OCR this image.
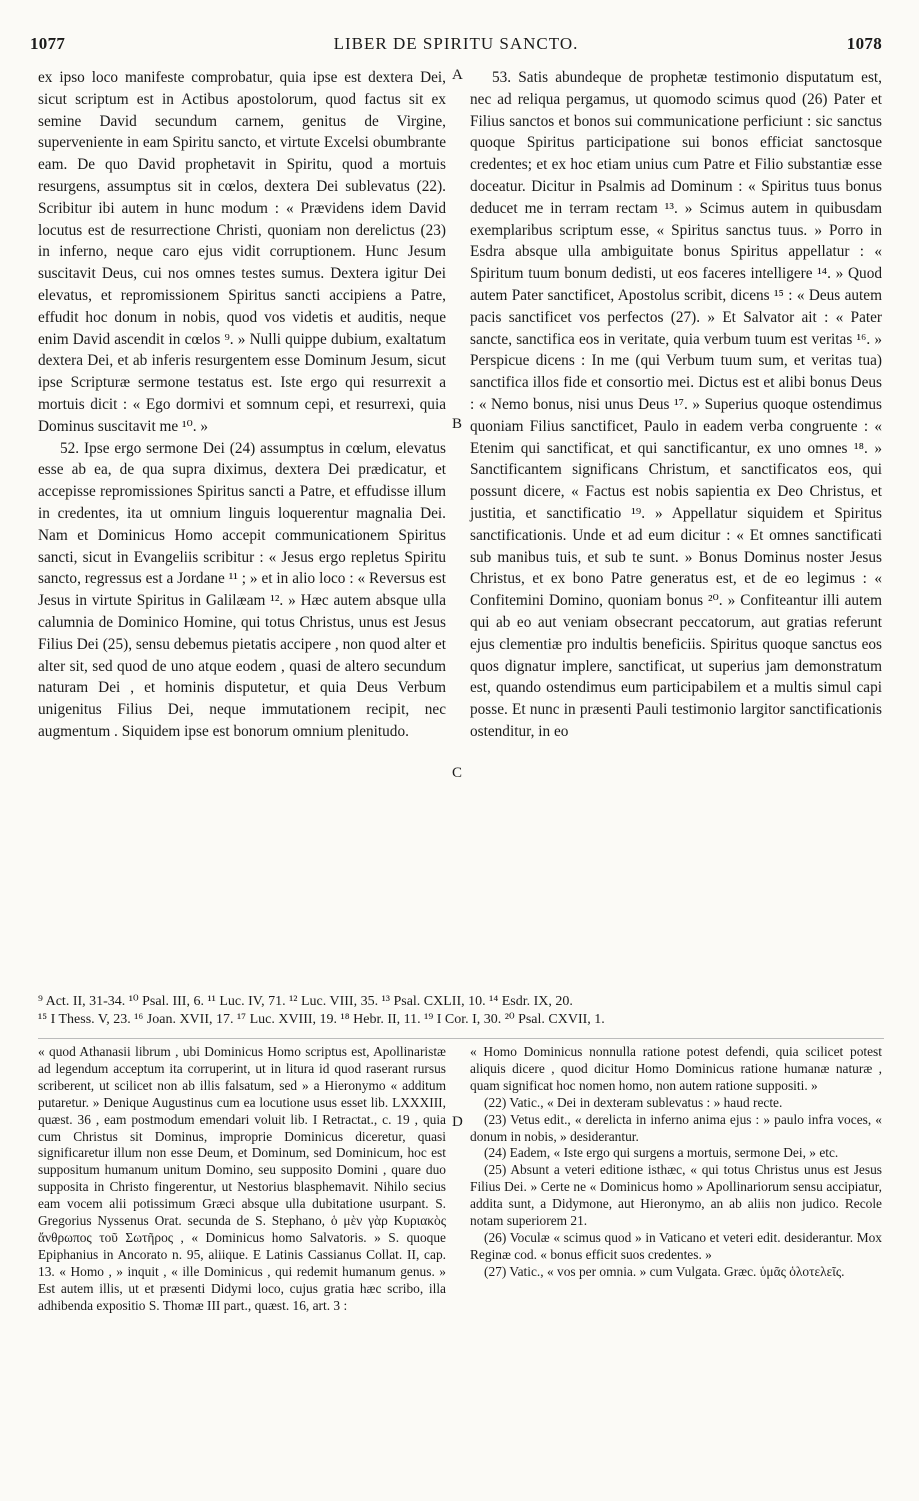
LIBER DE SPIRITU SANCTO.
1077	1078

ex ipso loco manifeste comprobatur, quia ipse est dextera Dei, sicut scriptum est in Actibus apostolorum, quod factus sit ex semine David secundum carnem, genitus de Virgine, superveniente in eam Spiritu sancto, et virtute Excelsi obumbrante eam. De quo David prophetavit in Spiritu, quod a mortuis resurgens, assumptus sit in cœlos, dextera Dei sublevatus (22). Scribitur ibi autem in hunc modum : « Prævidens idem David locutus est de resurrectione Christi, quoniam non derelictus (23) in inferno, neque caro ejus vidit corruptionem. Hunc Jesum suscitavit Deus, cui nos omnes testes sumus. Dextera igitur Dei elevatus, et repromissionem Spiritus sancti accipiens a Patre, effudit hoc donum in nobis, quod vos videtis et auditis, neque enim David ascendit in cœlos ⁹. » Nulli quippe dubium, exaltatum dextera Dei, et ab inferis resurgentem esse Dominum Jesum, sicut ipse Scripturæ sermone testatus est. Iste ergo qui resurrexit a mortuis dicit : « Ego dormivi et somnum cepi, et resurrexi, quia Dominus suscitavit me ¹⁰. »

52. Ipse ergo sermone Dei (24) assumptus in cœlum, elevatus esse ab ea, de qua supra diximus, dextera Dei prædicatur, et accepisse repromissiones Spiritus sancti a Patre, et effudisse illum in credentes, ita ut omnium linguis loquerentur magnalia Dei. Nam et Dominicus Homo accepit communicationem Spiritus sancti, sicut in Evangeliis scribitur : « Jesus ergo repletus Spiritu sancto, regressus est a Jordane ¹¹ ; » et in alio loco : « Reversus est Jesus in virtute Spiritus in Galilæam ¹². » Hæc autem absque ulla calumnia de Dominico Homine, qui totus Christus, unus est Jesus Filius Dei (25), sensu debemus pietatis accipere , non quod alter et alter sit, sed quod de uno atque eodem , quasi de altero secundum naturam Dei , et hominis disputetur, et quia Deus Verbum unigenitus Filius Dei, neque immutationem recipit, nec augmentum . Siquidem ipse est bonorum omnium plenitudo.

53. Satis abundeque de prophetæ testimonio disputatum est, nec ad reliqua pergamus, ut quomodo scimus quod (26) Pater et Filius sanctos et bonos sui communicatione perficiunt : sic sanctus quoque Spiritus participatione sui bonos efficiat sanctosque credentes; et ex hoc etiam unius cum Patre et Filio substantiæ esse doceatur. Dicitur in Psalmis ad Dominum : « Spiritus tuus bonus deducet me in terram rectam ¹³. » Scimus autem in quibusdam exemplaribus scriptum esse, « Spiritus sanctus tuus. » Porro in Esdra absque ulla ambiguitate bonus Spiritus appellatur : « Spiritum tuum bonum dedisti, ut eos faceres intelligere ¹⁴. » Quod autem Pater sanctificet, Apostolus scribit, dicens ¹⁵ : « Deus autem pacis sanctificet vos perfectos (27). » Et Salvator ait : « Pater sancte, sanctifica eos in veritate, quia verbum tuum est veritas ¹⁶. » Perspicue dicens : In me (qui Verbum tuum sum, et veritas tua) sanctifica illos fide et consortio mei. Dictus est et alibi bonus Deus : « Nemo bonus, nisi unus Deus ¹⁷. » Superius quoque ostendimus quoniam Filius sanctificet, Paulo in eadem verba congruente : « Etenim qui sanctificat, et qui sanctificantur, ex uno omnes ¹⁸. » Sanctificantem significans Christum, et sanctificatos eos, qui possunt dicere, « Factus est nobis sapientia ex Deo Christus, et justitia, et sanctificatio ¹⁹. » Appellatur siquidem et Spiritus sanctificationis. Unde et ad eum dicitur : « Et omnes sanctificati sub manibus tuis, et sub te sunt. » Bonus Dominus noster Jesus Christus, et ex bono Patre generatus est, et de eo legimus : « Confitemini Domino, quoniam bonus ²⁰. » Confiteantur illi autem qui ab eo aut veniam obsecrant peccatorum, aut gratias referunt ejus clementiæ pro indultis beneficiis. Spiritus quoque sanctus eos quos dignatur implere, sanctificat, ut superius jam demonstratum est, quando ostendimus eum participabilem et a multis simul capi posse. Et nunc in præsenti Pauli testimonio largitor sanctificationis ostenditur, in eo

A
B
C
D
⁹ Act. II, 31-34. ¹⁰ Psal. III, 6. ¹¹ Luc. IV, 71. ¹² Luc. VIII, 35. ¹³ Psal. CXLII, 10. ¹⁴ Esdr. IX, 20.
¹⁵ I Thess. V, 23. ¹⁶ Joan. XVII, 17. ¹⁷ Luc. XVIII, 19. ¹⁸ Hebr. II, 11. ¹⁹ I Cor. I, 30. ²⁰ Psal. CXVII, 1.

« quod Athanasii librum , ubi Dominicus Homo scriptus est, Apollinaristæ ad legendum acceptum ita corruperint, ut in litura id quod raserant rursus scriberent, ut scilicet non ab illis falsatum, sed » a Hieronymo « additum putaretur. » Denique Augustinus cum ea locutione usus esset lib. LXXXIII, quæst. 36 , eam postmodum emendari voluit lib. I Retractat., c. 19 , quia cum Christus sit Dominus, improprie Dominicus diceretur, quasi significaretur illum non esse Deum, et Dominum, sed Dominicum, hoc est suppositum humanum unitum Domino, seu supposito Domini , quare duo supposita in Christo fingerentur, ut Nestorius blasphemavit. Nihilo secius eam vocem alii potissimum Græci absque ulla dubitatione usurpant. S. Gregorius Nyssenus Orat. secunda de S. Stephano, ὁ μὲν γὰρ Κυριακὸς ἄνθρωπος τοῦ Σωτῆρος , « Dominicus homo Salvatoris. » S. quoque Epiphanius in Ancorato n. 95, aliique. E Latinis Cassianus Collat. II, cap. 13. « Homo , » inquit , « ille Dominicus , qui redemit humanum genus. » Est autem illis, ut et præsenti Didymi loco, cujus gratia hæc scribo, illa adhibenda expositio S. Thomæ III part., quæst. 16, art. 3 :

« Homo Dominicus nonnulla ratione potest defendi, quia scilicet potest aliquis dicere , quod dicitur Homo Dominicus ratione humanæ naturæ , quam significat hoc nomen homo, non autem ratione suppositi. »

(22) Vatic., « Dei in dexteram sublevatus : » haud recte.

(23) Vetus edit., « derelicta in inferno anima ejus : » paulo infra voces, « donum in nobis, » desiderantur.

(24) Eadem, « Iste ergo qui surgens a mortuis, sermone Dei, » etc.

(25) Absunt a veteri editione isthæc, « qui totus Christus unus est Jesus Filius Dei. » Certe ne « Dominicus homo » Apollinariorum sensu accipiatur, addita sunt, a Didymone, aut Hieronymo, an ab aliis non judico. Recole notam superiorem 21.

(26) Voculæ « scimus quod » in Vaticano et veteri edit. desiderantur. Mox Reginæ cod. « bonus efficit suos credentes. »

(27) Vatic., « vos per omnia. » cum Vulgata. Græc. ὑμᾶς ὁλοτελεῖς.
